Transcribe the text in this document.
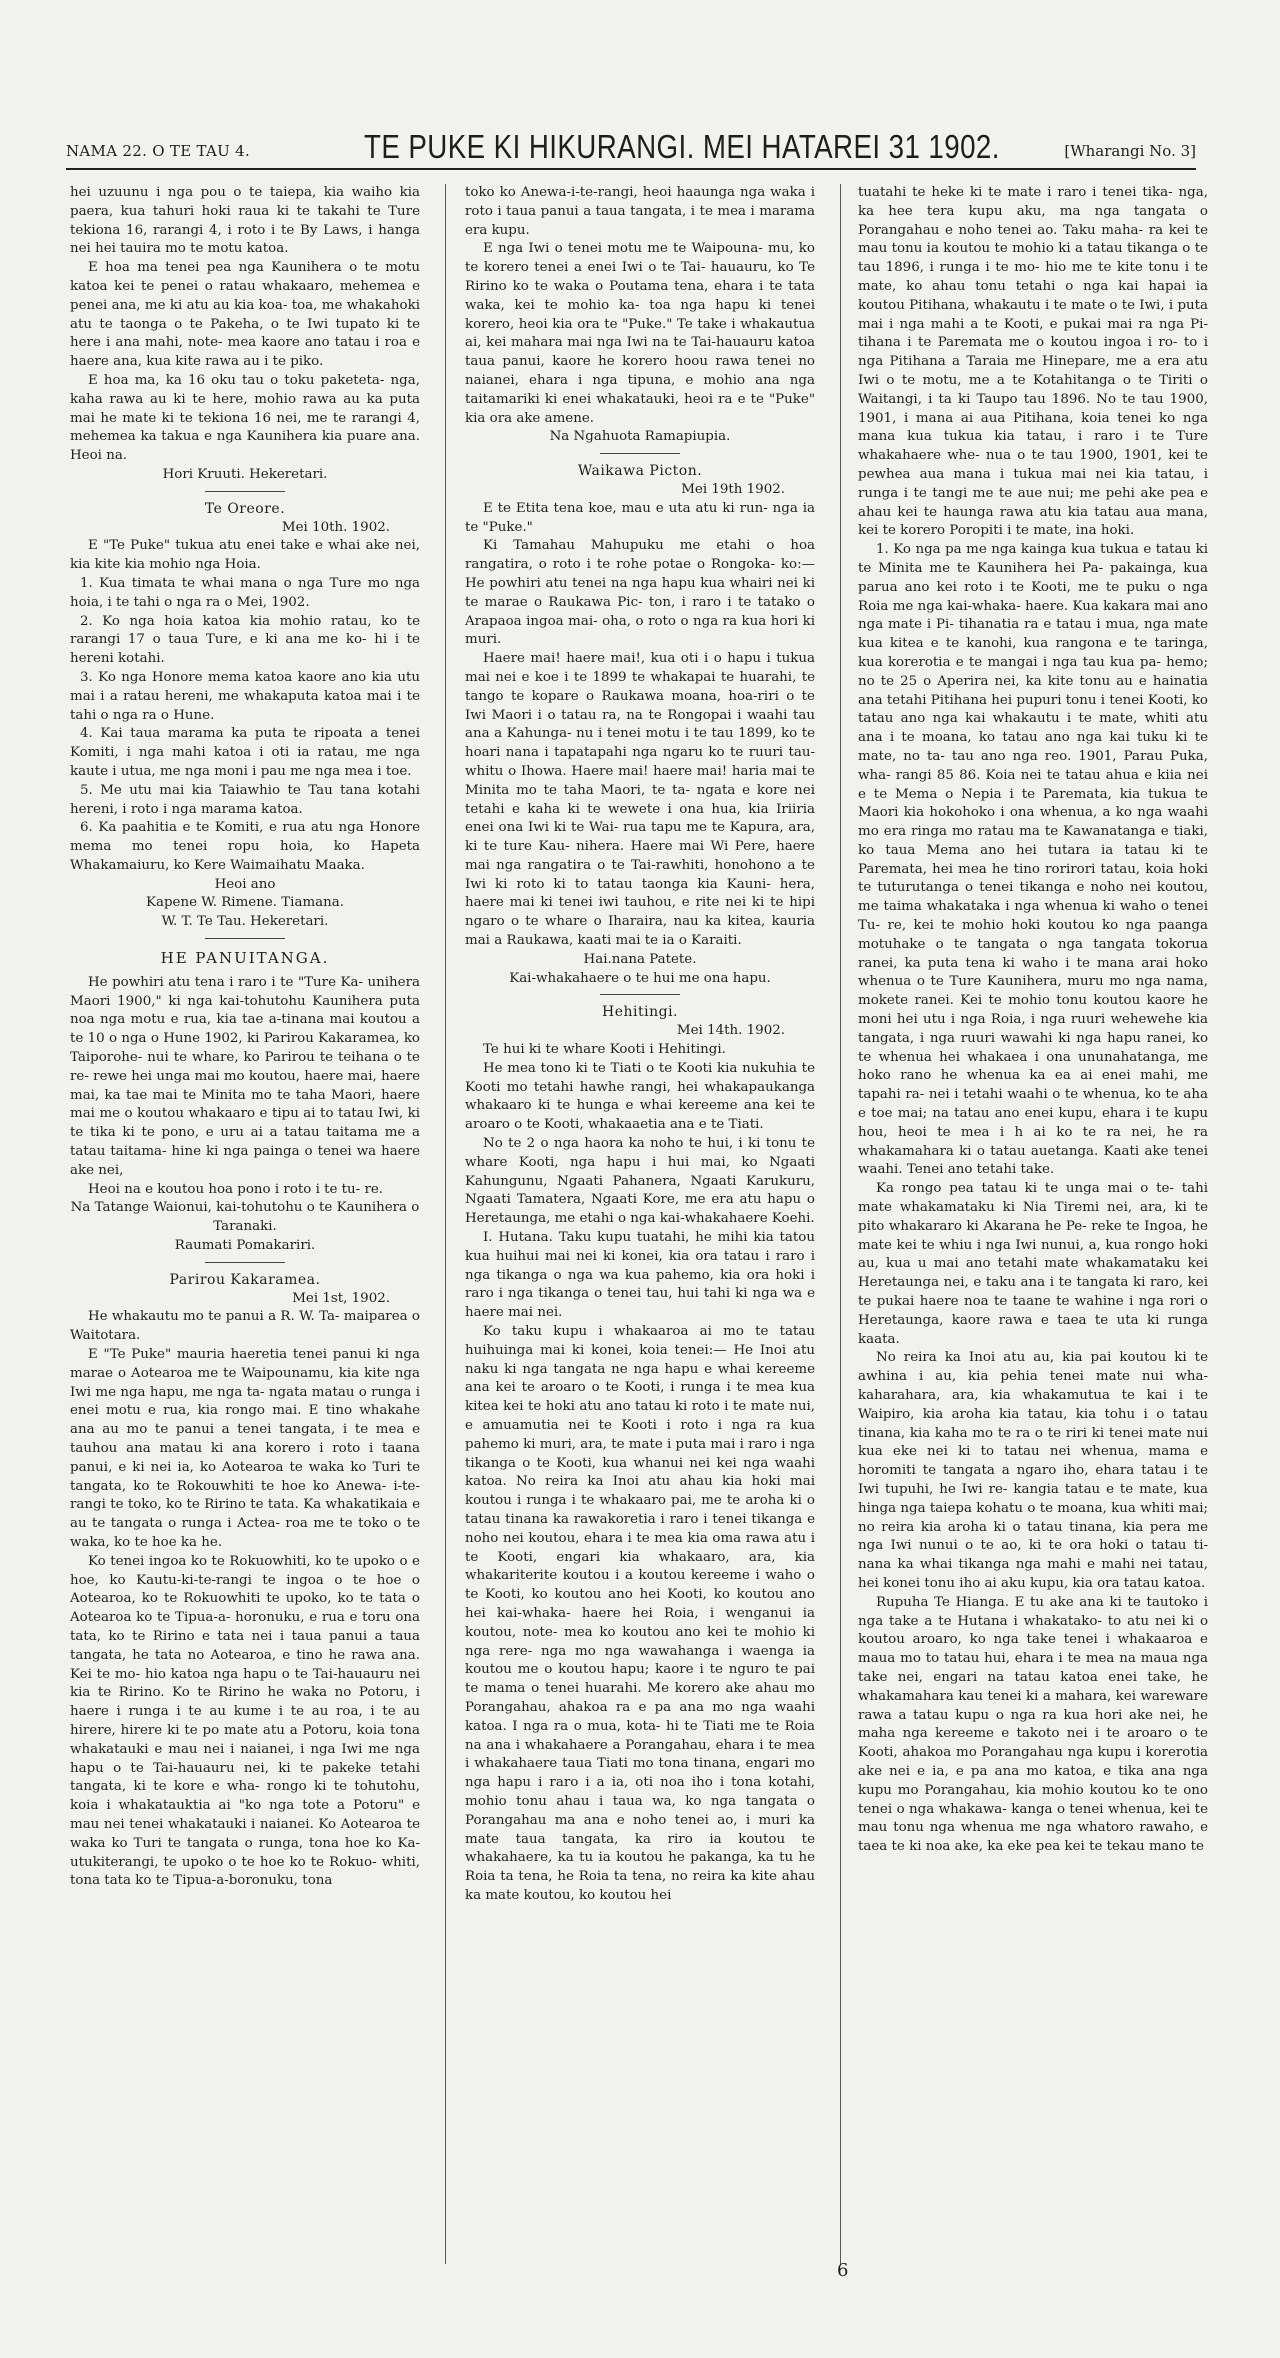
NAMA 22. O TE TAU 4.	TE PUKE KI HIKURANGI. MEI HATAREI 31 1902.	[Wharangi No. 3]

hei uzuunu i nga pou o te taiepa, kia waiho kia paera, kua tahuri hoki raua ki te takahi te Ture tekiona 16, rarangi 4, i roto i te By Laws, i hanga nei hei tauira mo te motu katoa.

E hoa ma tenei pea nga Kaunihera o te motu katoa kei te penei o ratau whakaaro, mehemea e penei ana, me ki atu au kia koa- toa, me whakahoki atu te taonga o te Pakeha, o te Iwi tupato ki te here i ana mahi, note- mea kaore ano tatau i roa e haere ana, kua kite rawa au i te piko.

E hoa ma, ka 16 oku tau o toku paketeta- nga, kaha rawa au ki te here, mohio rawa au ka puta mai he mate ki te tekiona 16 nei, me te rarangi 4, mehemea ka takua e nga Kaunihera kia puare ana. Heoi na.

Hori Kruuti. Hekeretari.

Te Oreore.

Mei 10th. 1902.

E "Te Puke" tukua atu enei take e whai ake nei, kia kite kia mohio nga Hoia.

1. Kua timata te whai mana o nga Ture mo nga hoia, i te tahi o nga ra o Mei, 1902.

2. Ko nga hoia katoa kia mohio ratau, ko te rarangi 17 o taua Ture, e ki ana me ko- hi i te hereni kotahi.

3. Ko nga Honore mema katoa kaore ano kia utu mai i a ratau hereni, me whakaputa katoa mai i te tahi o nga ra o Hune.

4. Kai taua marama ka puta te ripoata a tenei Komiti, i nga mahi katoa i oti ia ratau, me nga kaute i utua, me nga moni i pau me nga mea i toe.

5. Me utu mai kia Taiawhio te Tau tana kotahi hereni, i roto i nga marama katoa.

6. Ka paahitia e te Komiti, e rua atu nga Honore mema mo tenei ropu hoia, ko Hapeta Whakamaiuru, ko Kere Waimaihatu Maaka.

Heoi ano

Kapene W. Rimene. Tiamana.

W. T. Te Tau. Hekeretari.

HE PANUITANGA.

He powhiri atu tena i raro i te "Ture Ka- unihera Maori 1900," ki nga kai-tohutohu Kaunihera puta noa nga motu e rua, kia tae a-tinana mai koutou a te 10 o nga o Hune 1902, ki Parirou Kakaramea, ko Taiporohe- nui te whare, ko Parirou te teihana o te re- rewe hei unga mai mo koutou, haere mai, haere mai, ka tae mai te Minita mo te taha Maori, haere mai me o koutou whakaaro e tipu ai to tatau Iwi, ki te tika ki te pono, e uru ai a tatau taitama me a tatau taitama- hine ki nga painga o tenei wa haere ake nei,

Heoi na e koutou hoa pono i roto i te tu- re.

Na Tatange Waionui, kai-tohutohu o te Kaunihera o Taranaki.

Raumati Pomakariri.

Parirou Kakaramea.

Mei 1st, 1902.

He whakautu mo te panui a R. W. Ta- maiparea o Waitotara.

E "Te Puke" mauria haeretia tenei panui ki nga marae o Aotearoa me te Waipounamu, kia kite nga Iwi me nga hapu, me nga ta- ngata matau o runga i enei motu e rua, kia rongo mai. E tino whakahe ana au mo te panui a tenei tangata, i te mea e tauhou ana matau ki ana korero i roto i taana panui, e ki nei ia, ko Aotearoa te waka ko Turi te tangata, ko te Rokouwhiti te hoe ko Anewa- i-te-rangi te toko, ko te Ririno te tata. Ka whakatikaia e au te tangata o runga i Actea- roa me te toko o te waka, ko te hoe ka he.

Ko tenei ingoa ko te Rokuowhiti, ko te upoko o e hoe, ko Kautu-ki-te-rangi te ingoa o te hoe o Aotearoa, ko te Rokuowhiti te upoko, ko te tata o Aotearoa ko te Tipua-a- horonuku, e rua e toru ona tata, ko te Ririno e tata nei i taua panui a taua tangata, he tata no Aotearoa, e tino he rawa ana. Kei te mo- hio katoa nga hapu o te Tai-hauauru nei kia te Ririno. Ko te Ririno he waka no Potoru, i haere i runga i te au kume i te au roa, i te au hirere, hirere ki te po mate atu a Potoru, koia tona whakatauki e mau nei i naianei, i nga Iwi me nga hapu o te Tai-hauauru nei, ki te pakeke tetahi tangata, ki te kore e wha- rongo ki te tohutohu, koia i whakatauktia ai "ko nga tote a Potoru" e mau nei tenei whakatauki i naianei. Ko Aotearoa te waka ko Turi te tangata o runga, tona hoe ko Ka- utukiterangi, te upoko o te hoe ko te Rokuo- whiti, tona tata ko te Tipua-a-boronuku, tona

toko ko Anewa-i-te-rangi, heoi haaunga nga waka i roto i taua panui a taua tangata, i te mea i marama era kupu.

E nga Iwi o tenei motu me te Waipouna- mu, ko te korero tenei a enei Iwi o te Tai- hauauru, ko Te Ririno ko te waka o Poutama tena, ehara i te tata waka, kei te mohio ka- toa nga hapu ki tenei korero, heoi kia ora te "Puke." Te take i whakautua ai, kei mahara mai nga Iwi na te Tai-hauauru katoa taua panui, kaore he korero hoou rawa tenei no naianei, ehara i nga tipuna, e mohio ana nga taitamariki ki enei whakatauki, heoi ra e te "Puke" kia ora ake amene.

Na Ngahuota Ramapiupia.

Waikawa Picton.

Mei 19th 1902.

E te Etita tena koe, mau e uta atu ki run- nga ia te "Puke."

Ki Tamahau Mahupuku me etahi o hoa rangatira, o roto i te rohe potae o Rongoka- ko:— He powhiri atu tenei na nga hapu kua whairi nei ki te marae o Raukawa Pic- ton, i raro i te tatako o Arapaoa ingoa mai- oha, o roto o nga ra kua hori ki muri.

Haere mai! haere mai!, kua oti i o hapu i tukua mai nei e koe i te 1899 te whakapai te huarahi, te tango te kopare o Raukawa moana, hoa-riri o te Iwi Maori i o tatau ra, na te Rongopai i waahi tau ana a Kahunga- nu i tenei motu i te tau 1899, ko te hoari nana i tapatapahi nga ngaru ko te ruuri tau- whitu o Ihowa. Haere mai! haere mai! haria mai te Minita mo te taha Maori, te ta- ngata e kore nei tetahi e kaha ki te wewete i ona hua, kia Iriiria enei ona Iwi ki te Wai- rua tapu me te Kapura, ara, ki te ture Kau- nihera. Haere mai Wi Pere, haere mai nga rangatira o te Tai-rawhiti, honohono a te Iwi ki roto ki to tatau taonga kia Kauni- hera, haere mai ki tenei iwi tauhou, e rite nei ki te hipi ngaro o te whare o Iharaira, nau ka kitea, kauria mai a Raukawa, kaati mai te ia o Karaiti.

Hai.nana Patete.

Kai-whakahaere o te hui me ona hapu.

Hehitingi.

Mei 14th. 1902.

Te hui ki te whare Kooti i Hehitingi.

He mea tono ki te Tiati o te Kooti kia nukuhia te Kooti mo tetahi hawhe rangi, hei whakapaukanga whakaaro ki te hunga e whai kereeme ana kei te aroaro o te Kooti, whakaaetia ana e te Tiati.

No te 2 o nga haora ka noho te hui, i ki tonu te whare Kooti, nga hapu i hui mai, ko Ngaati Kahungunu, Ngaati Pahanera, Ngaati Karukuru, Ngaati Tamatera, Ngaati Kore, me era atu hapu o Heretaunga, me etahi o nga kai-whakahaere Koehi.

I. Hutana. Taku kupu tuatahi, he mihi kia tatou kua huihui mai nei ki konei, kia ora tatau i raro i nga tikanga o nga wa kua pahemo, kia ora hoki i raro i nga tikanga o tenei tau, hui tahi ki nga wa e haere mai nei.

Ko taku kupu i whakaaroa ai mo te tatau huihuinga mai ki konei, koia tenei:— He Inoi atu naku ki nga tangata ne nga hapu e whai kereeme ana kei te aroaro o te Kooti, i runga i te mea kua kitea kei te hoki atu ano tatau ki roto i te mate nui, e amuamutia nei te Kooti i roto i nga ra kua pahemo ki muri, ara, te mate i puta mai i raro i nga tikanga o te Kooti, kua whanui nei kei nga waahi katoa. No reira ka Inoi atu ahau kia hoki mai koutou i runga i te whakaaro pai, me te aroha ki o tatau tinana ka rawakoretia i raro i tenei tikanga e noho nei koutou, ehara i te mea kia oma rawa atu i te Kooti, engari kia whakaaro, ara, kia whakariterite koutou i a koutou kereeme i waho o te Kooti, ko koutou ano hei Kooti, ko koutou ano hei kai-whaka- haere hei Roia, i wenganui ia koutou, note- mea ko koutou ano kei te mohio ki nga rere- nga mo nga wawahanga i waenga ia koutou me o koutou hapu; kaore i te nguro te pai te mama o tenei huarahi. Me korero ake ahau mo Porangahau, ahakoa ra e pa ana mo nga waahi katoa. I nga ra o mua, kota- hi te Tiati me te Roia na ana i whakahaere a Porangahau, ehara i te mea i whakahaere taua Tiati mo tona tinana, engari mo nga hapu i raro i a ia, oti noa iho i tona kotahi, mohio tonu ahau i taua wa, ko nga tangata o Porangahau ma ana e noho tenei ao, i muri ka mate taua tangata, ka riro ia koutou te whakahaere, ka tu ia koutou he pakanga, ka tu he Roia ta tena, he Roia ta tena, no reira ka kite ahau ka mate koutou, ko koutou hei

tuatahi te heke ki te mate i raro i tenei tika- nga, ka hee tera kupu aku, ma nga tangata o Porangahau e noho tenei ao. Taku maha- ra kei te mau tonu ia koutou te mohio ki a tatau tikanga o te tau 1896, i runga i te mo- hio me te kite tonu i te mate, ko ahau tonu tetahi o nga kai hapai ia koutou Pitihana, whakautu i te mate o te Iwi, i puta mai i nga mahi a te Kooti, e pukai mai ra nga Pi- tihana i te Paremata me o koutou ingoa i ro- to i nga Pitihana a Taraia me Hinepare, me a era atu Iwi o te motu, me a te Kotahitanga o te Tiriti o Waitangi, i ta ki Taupo tau 1896. No te tau 1900, 1901, i mana ai aua Pitihana, koia tenei ko nga mana kua tukua kia tatau, i raro i te Ture whakahaere whe- nua o te tau 1900, 1901, kei te pewhea aua mana i tukua mai nei kia tatau, i runga i te tangi me te aue nui; me pehi ake pea e ahau kei te haunga rawa atu kia tatau aua mana, kei te korero Poropiti i te mate, ina hoki.

1. Ko nga pa me nga kainga kua tukua e tatau ki te Minita me te Kaunihera hei Pa- pakainga, kua parua ano kei roto i te Kooti, me te puku o nga Roia me nga kai-whaka- haere. Kua kakara mai ano nga mate i Pi- tihanatia ra e tatau i mua, nga mate kua kitea e te kanohi, kua rangona e te taringa, kua korerotia e te mangai i nga tau kua pa- hemo; no te 25 o Aperira nei, ka kite tonu au e hainatia ana tetahi Pitihana hei pupuri tonu i tenei Kooti, ko tatau ano nga kai whakautu i te mate, whiti atu ana i te moana, ko tatau ano nga kai tuku ki te mate, no ta- tau ano nga reo. 1901, Parau Puka, wha- rangi 85 86. Koia nei te tatau ahua e kiia nei e te Mema o Nepia i te Paremata, kia tukua te Maori kia hokohoko i ona whenua, a ko nga waahi mo era ringa mo ratau ma te Kawanatanga e tiaki, ko taua Mema ano hei tutara ia tatau ki te Paremata, hei mea he tino rorirori tatau, koia hoki te tuturutanga o tenei tikanga e noho nei koutou, me taima whakataka i nga whenua ki waho o tenei Tu- re, kei te mohio hoki koutou ko nga paanga motuhake o te tangata o nga tangata tokorua ranei, ka puta tena ki waho i te mana arai hoko whenua o te Ture Kaunihera, muru mo nga nama, mokete ranei. Kei te mohio tonu koutou kaore he moni hei utu i nga Roia, i nga ruuri wehewehe kia tangata, i nga ruuri wawahi ki nga hapu ranei, ko te whenua hei whakaea i ona ununahatanga, me hoko rano he whenua ka ea ai enei mahi, me tapahi ra- nei i tetahi waahi o te whenua, ko te aha e toe mai; na tatau ano enei kupu, ehara i te kupu hou, heoi te mea i h ai ko te ra nei, he ra whakamahara ki o tatau auetanga. Kaati ake tenei waahi. Tenei ano tetahi take.

Ka rongo pea tatau ki te unga mai o te- tahi mate whakamataku ki Nia Tiremi nei, ara, ki te pito whakararo ki Akarana he Pe- reke te Ingoa, he mate kei te whiu i nga Iwi nunui, a, kua rongo hoki au, kua u mai ano tetahi mate whakamataku kei Heretaunga nei, e taku ana i te tangata ki raro, kei te pukai haere noa te taane te wahine i nga rori o Heretaunga, kaore rawa e taea te uta ki runga kaata.

No reira ka Inoi atu au, kia pai koutou ki te awhina i au, kia pehia tenei mate nui wha- kaharahara, ara, kia whakamutua te kai i te Waipiro, kia aroha kia tatau, kia tohu i o tatau tinana, kia kaha mo te ra o te riri ki tenei mate nui kua eke nei ki to tatau nei whenua, mama e horomiti te tangata a ngaro iho, ehara tatau i te Iwi tupuhi, he Iwi re- kangia tatau e te mate, kua hinga nga taiepa kohatu o te moana, kua whiti mai; no reira kia aroha ki o tatau tinana, kia pera me nga Iwi nunui o te ao, ki te ora hoki o tatau ti- nana ka whai tikanga nga mahi e mahi nei tatau, hei konei tonu iho ai aku kupu, kia ora tatau katoa.

Rupuha Te Hianga. E tu ake ana ki te tautoko i nga take a te Hutana i whakatako- to atu nei ki o koutou aroaro, ko nga take tenei i whakaaroa e maua mo to tatau hui, ehara i te mea na maua nga take nei, engari na tatau katoa enei take, he whakamahara kau tenei ki a mahara, kei wareware rawa a tatau kupu o nga ra kua hori ake nei, he maha nga kereeme e takoto nei i te aroaro o te Kooti, ahakoa mo Porangahau nga kupu i korerotia ake nei e ia, e pa ana mo katoa, e tika ana nga kupu mo Porangahau, kia mohio koutou ko te ono tenei o nga whakawa- kanga o tenei whenua, kei te mau tonu nga whenua me nga whatoro rawaho, e taea te ki noa ake, ka eke pea kei te tekau mano te

6
